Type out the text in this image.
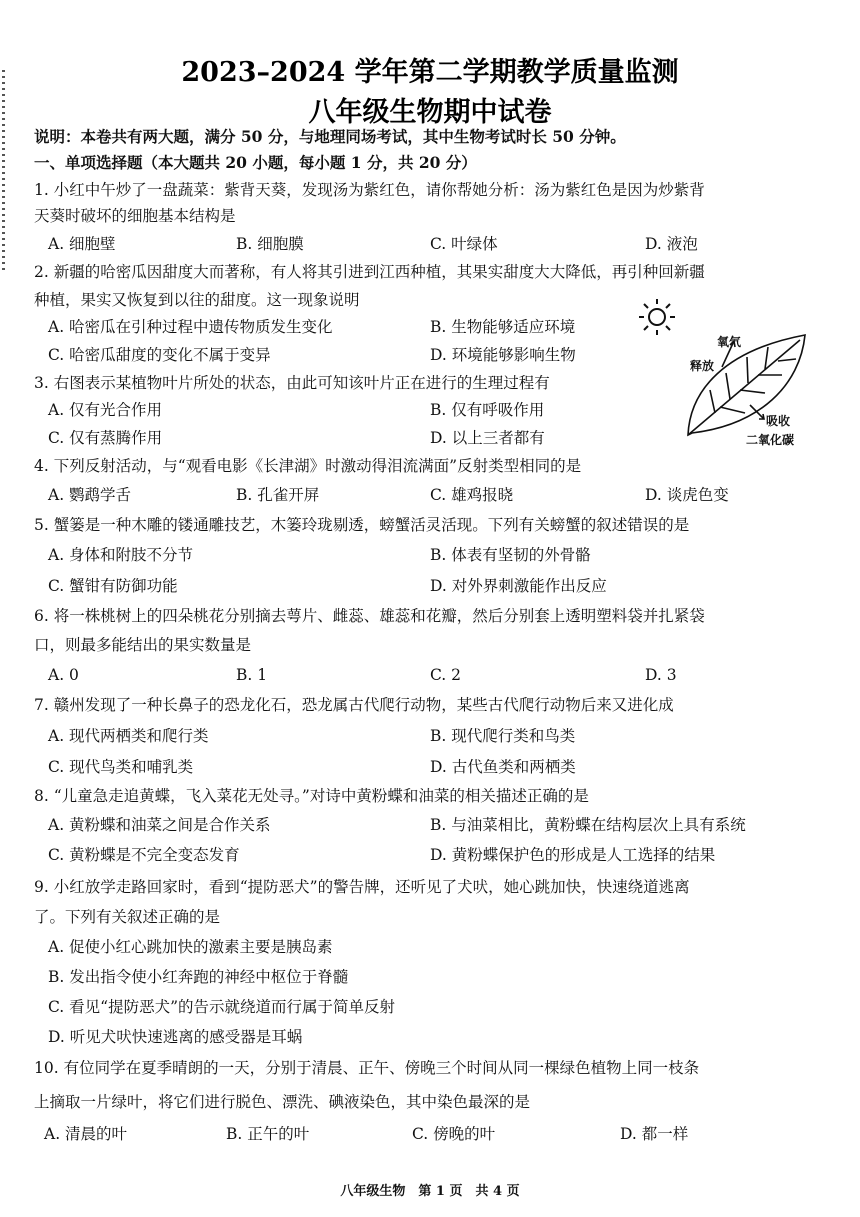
2023–2024 学年第二学期教学质量监测
八年级生物期中试卷
说明：本卷共有两大题，满分 50 分，与地理同场考试，其中生物考试时长 50 分钟。
一、单项选择题（本大题共 20 小题，每小题 1 分，共 20 分）
1. 小红中午炒了一盘蔬菜：紫背天葵，发现汤为紫红色，请你帮她分析：汤为紫红色是因为炒紫背
天葵时破坏的细胞基本结构是
A. 细胞壁	B. 细胞膜	C. 叶绿体	D. 液泡
2. 新疆的哈密瓜因甜度大而著称，有人将其引进到江西种植，其果实甜度大大降低，再引种回新疆
种植，果实又恢复到以往的甜度。这一现象说明
A. 哈密瓜在引种过程中遗传物质发生变化	B. 生物能够适应环境
C. 哈密瓜甜度的变化不属于变异	D. 环境能够影响生物
3. 右图表示某植物叶片所处的状态，由此可知该叶片正在进行的生理过程有
A. 仅有光合作用	B. 仅有呼吸作用
C. 仅有蒸腾作用	D. 以上三者都有
氧气
释放
吸收
二氧化碳
4. 下列反射活动，与“观看电影《长津湖》时激动得泪流满面”反射类型相同的是
A. 鹦鹉学舌	B. 孔雀开屏	C. 雄鸡报晓	D. 谈虎色变
5. 蟹篓是一种木雕的镂通雕技艺，木篓玲珑剔透，螃蟹活灵活现。下列有关螃蟹的叙述错误的是
A. 身体和附肢不分节	B. 体表有坚韧的外骨骼
C. 蟹钳有防御功能	D. 对外界刺激能作出反应
6. 将一株桃树上的四朵桃花分别摘去萼片、雌蕊、雄蕊和花瓣，然后分别套上透明塑料袋并扎紧袋
口，则最多能结出的果实数量是
A. 0	B. 1	C. 2	D. 3
7. 赣州发现了一种长鼻子的恐龙化石，恐龙属古代爬行动物，某些古代爬行动物后来又进化成
A. 现代两栖类和爬行类	B. 现代爬行类和鸟类
C. 现代鸟类和哺乳类	D. 古代鱼类和两栖类
8. “儿童急走追黄蝶，飞入菜花无处寻。”对诗中黄粉蝶和油菜的相关描述正确的是
A. 黄粉蝶和油菜之间是合作关系	B. 与油菜相比，黄粉蝶在结构层次上具有系统
C. 黄粉蝶是不完全变态发育	D. 黄粉蝶保护色的形成是人工选择的结果
9. 小红放学走路回家时，看到“提防恶犬”的警告牌，还听见了犬吠，她心跳加快，快速绕道逃离
了。下列有关叙述正确的是
A. 促使小红心跳加快的激素主要是胰岛素
B. 发出指令使小红奔跑的神经中枢位于脊髓
C. 看见“提防恶犬”的告示就绕道而行属于简单反射
D. 听见犬吠快速逃离的感受器是耳蜗
10. 有位同学在夏季晴朗的一天，分别于清晨、正午、傍晚三个时间从同一棵绿色植物上同一枝条
上摘取一片绿叶，将它们进行脱色、漂洗、碘液染色，其中染色最深的是
A. 清晨的叶	B. 正午的叶	C. 傍晚的叶	D. 都一样
八年级生物　第 1 页　共 4 页
